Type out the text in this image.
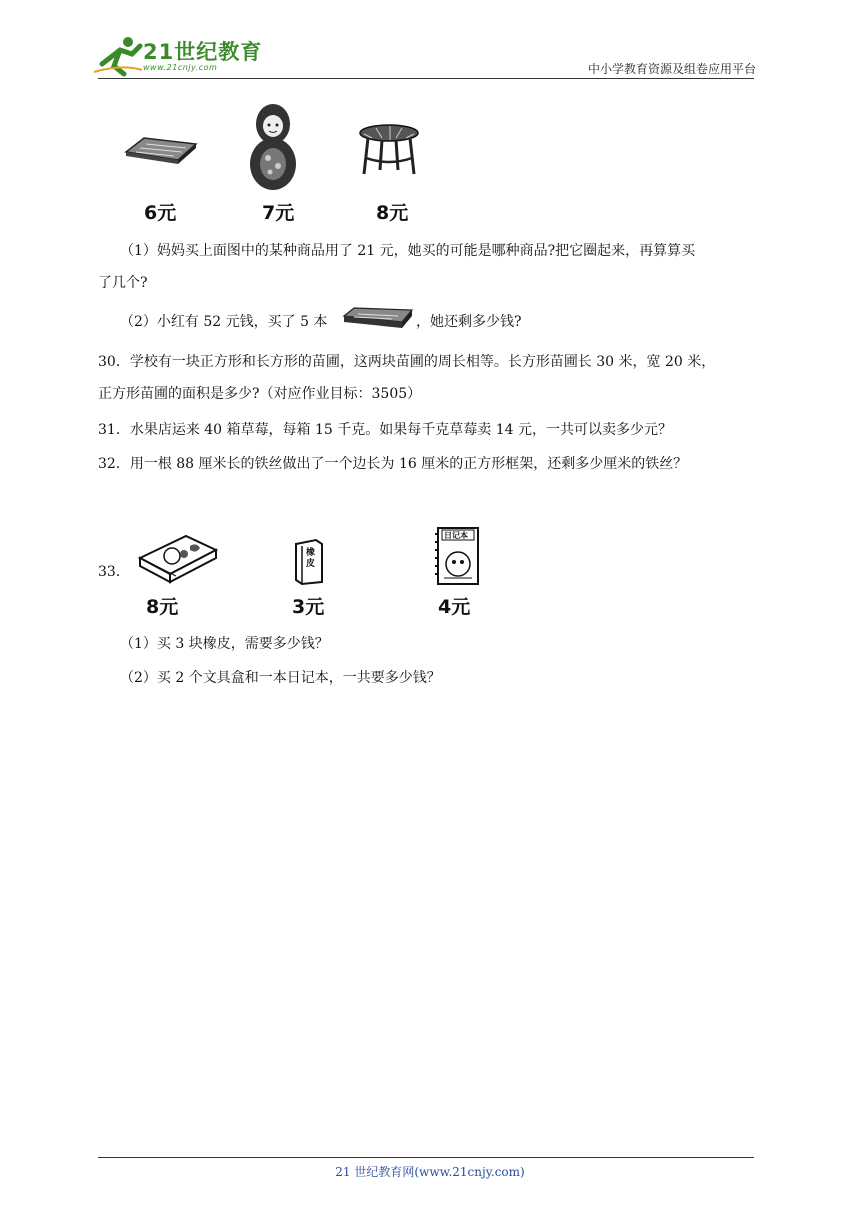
21世纪教育
www.21cnjy.com	中小学教育资源及组卷应用平台
6元	7元	8元
（1）妈妈买上面图中的某种商品用了 21 元，她买的可能是哪种商品?把它圈起来，再算算买
了几个?
（2）小红有 52 元钱，买了 5 本	，她还剩多少钱?
30．学校有一块正方形和长方形的苗圃，这两块苗圃的周长相等。长方形苗圃长 30 米，宽 20 米，
正方形苗圃的面积是多少?（对应作业目标：3505）
31．水果店运来 40 箱草莓，每箱 15 千克。如果每千克草莓卖 14 元，一共可以卖多少元？
32．用一根 88 厘米长的铁丝做出了一个边长为 16 厘米的正方形框架，还剩多少厘米的铁丝？
33．
橡皮
日记本
8元	3元	4元
（1）买 3 块橡皮，需要多少钱？
（2）买 2 个文具盒和一本日记本，一共要多少钱？
21 世纪教育网(www.21cnjy.com)
